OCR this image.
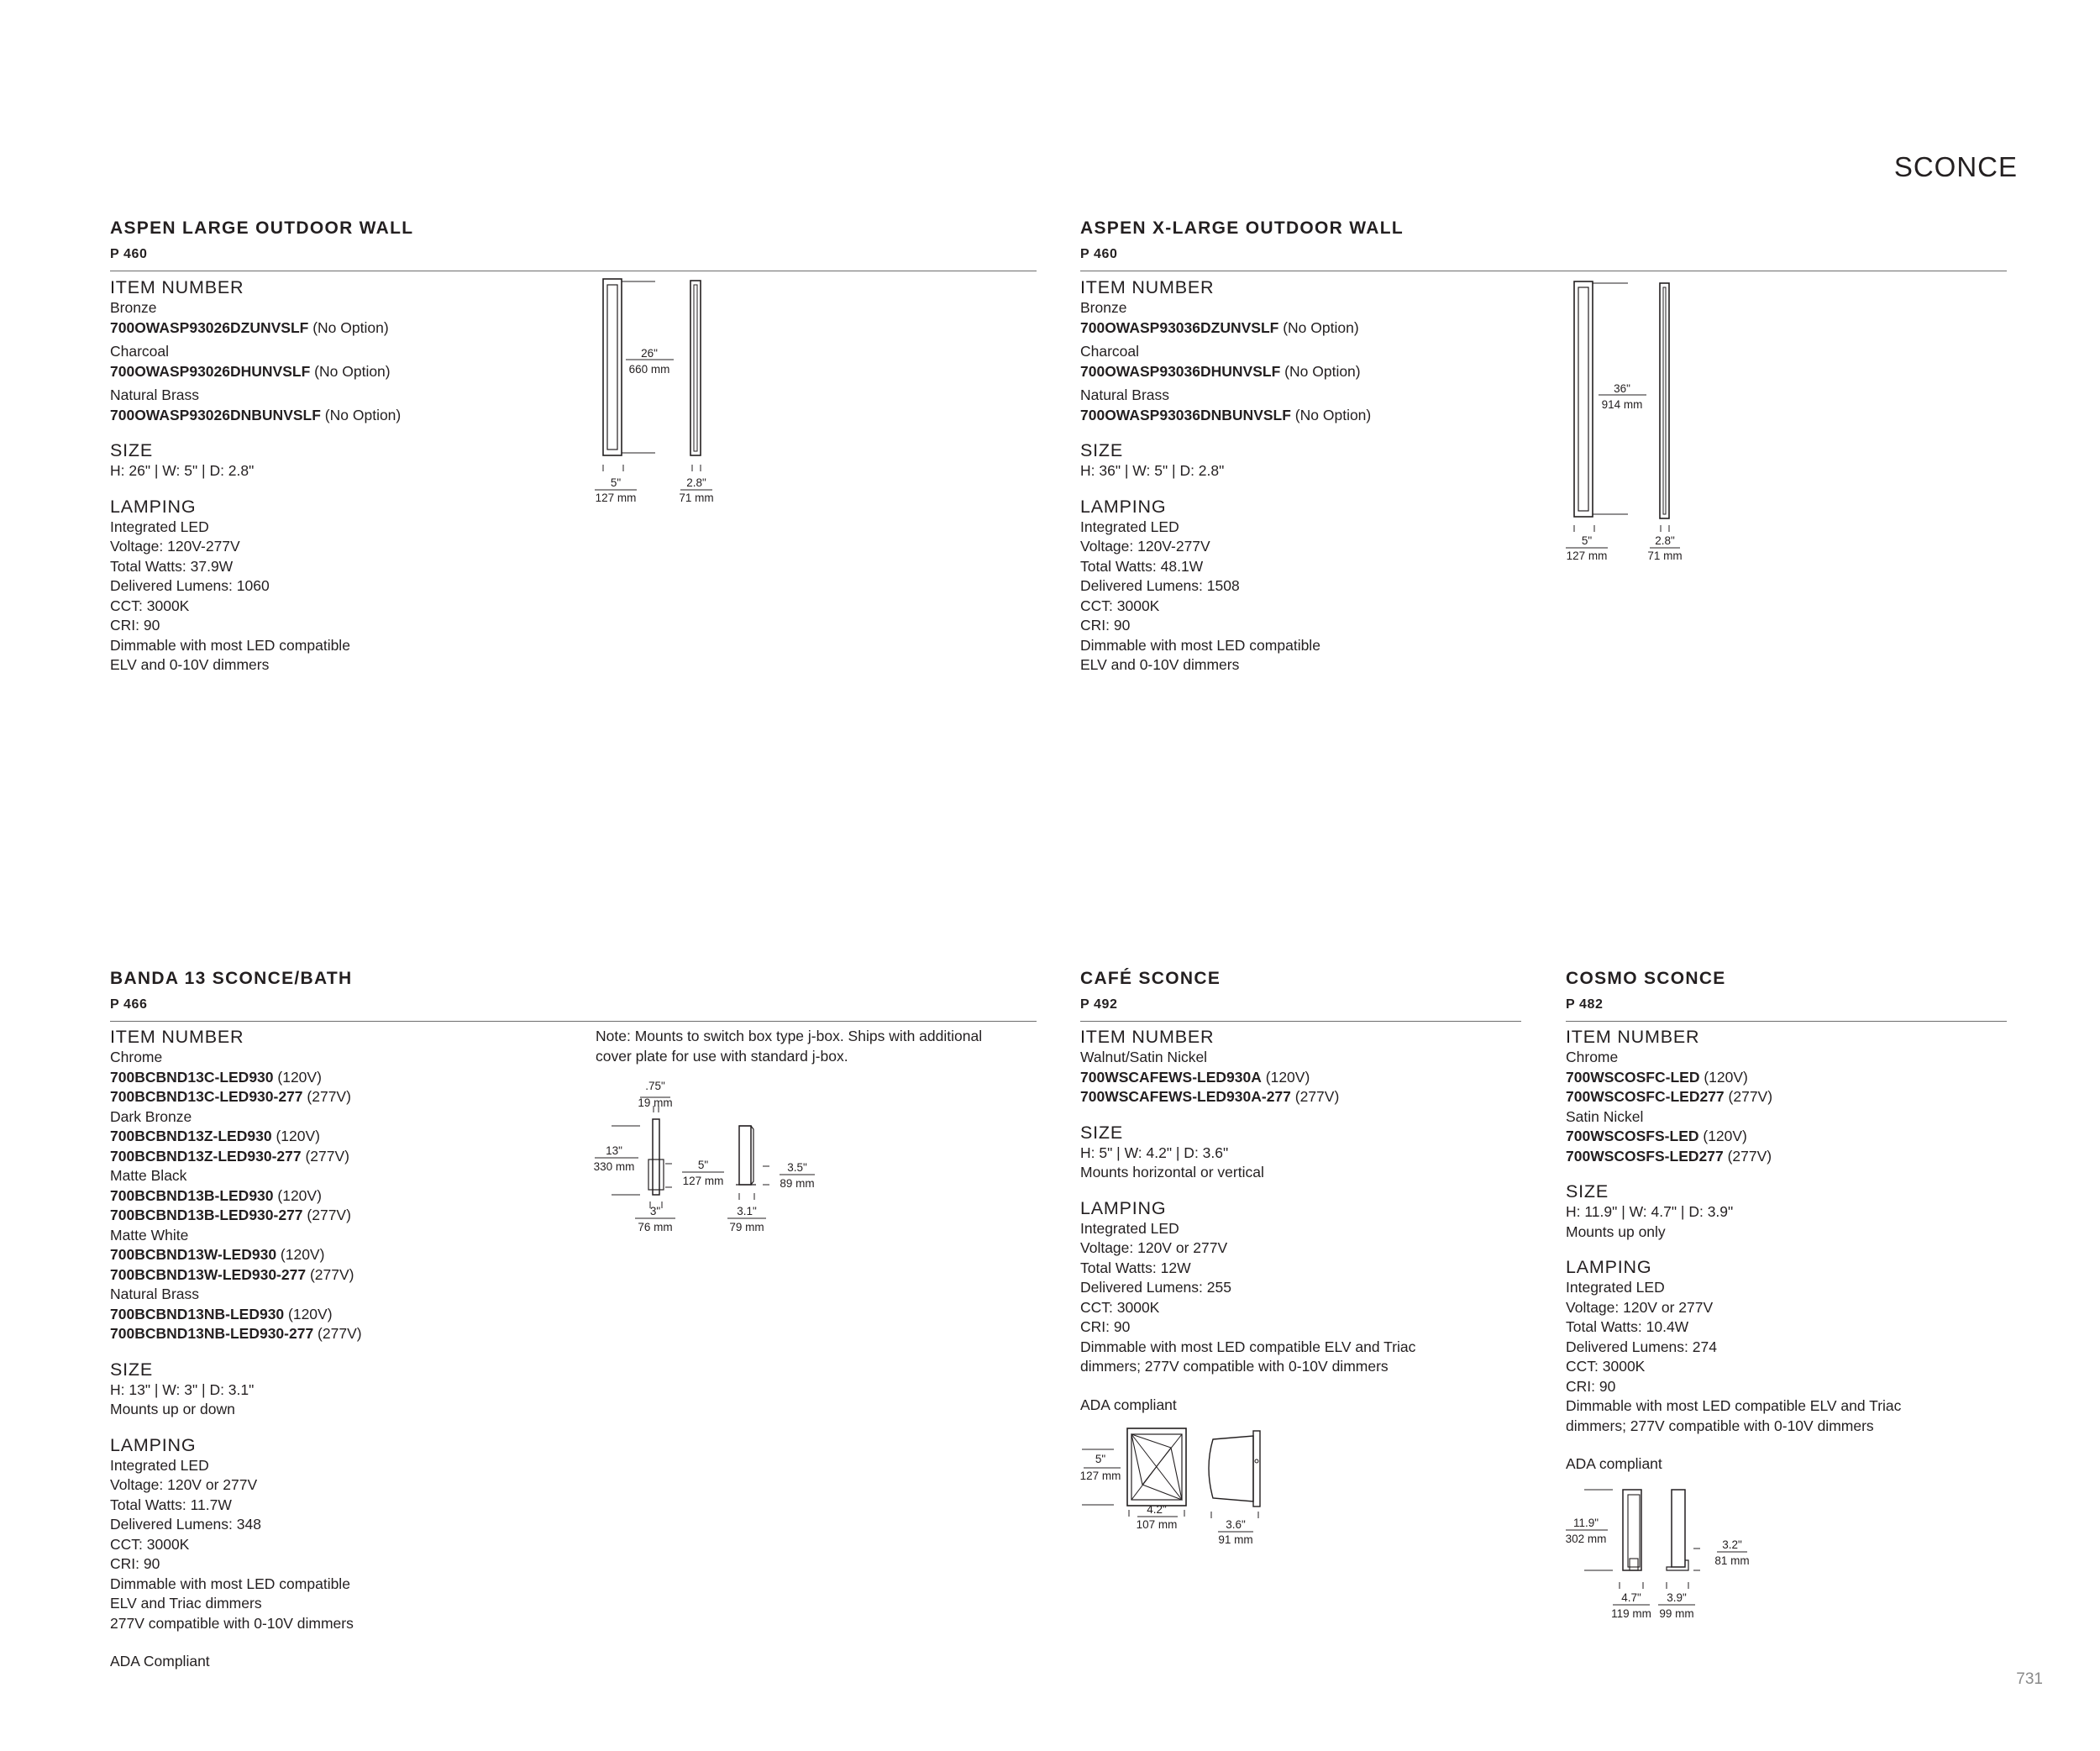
SCONCE
731
ASPEN LARGE OUTDOOR WALL
P 460
ITEM NUMBER
Bronze
700OWASP93026DZUNVSLF (No Option)
Charcoal
700OWASP93026DHUNVSLF (No Option)
Natural Brass
700OWASP93026DNBUNVSLF (No Option)
SIZE
H: 26" | W: 5" | D: 2.8"
LAMPING
Integrated LED
Voltage: 120V-277V
Total Watts: 37.9W
Delivered Lumens: 1060
CCT: 3000K
CRI: 90
Dimmable with most LED compatible
ELV and 0-10V dimmers
26"
660 mm
5"
127 mm
2.8"
71 mm
ASPEN X-LARGE OUTDOOR WALL
P 460
ITEM NUMBER
Bronze
700OWASP93036DZUNVSLF (No Option)
Charcoal
700OWASP93036DHUNVSLF (No Option)
Natural Brass
700OWASP93036DNBUNVSLF (No Option)
SIZE
H: 36" | W: 5" | D: 2.8"
LAMPING
Integrated LED
Voltage: 120V-277V
Total Watts: 48.1W
Delivered Lumens: 1508
CCT: 3000K
CRI: 90
Dimmable with most LED compatible
ELV and 0-10V dimmers
36"
914 mm
5"
127 mm
2.8"
71 mm
BANDA 13 SCONCE/BATH
P 466
ITEM NUMBER
Chrome
700BCBND13C-LED930 (120V)
700BCBND13C-LED930-277 (277V)
Dark Bronze
700BCBND13Z-LED930 (120V)
700BCBND13Z-LED930-277 (277V)
Matte Black
700BCBND13B-LED930 (120V)
700BCBND13B-LED930-277 (277V)
Matte White
700BCBND13W-LED930 (120V)
700BCBND13W-LED930-277 (277V)
Natural Brass
700BCBND13NB-LED930 (120V)
700BCBND13NB-LED930-277 (277V)
SIZE
H: 13" | W: 3" | D: 3.1"
Mounts up or down
LAMPING
Integrated LED
Voltage: 120V or 277V
Total Watts: 11.7W
Delivered Lumens: 348
CCT: 3000K
CRI: 90
Dimmable with most LED compatible
ELV and Triac dimmers
277V compatible with 0-10V dimmers
ADA Compliant
Note: Mounts to switch box type j-box. Ships with additional
cover plate for use with standard j-box.
.75"
19 mm
13"
330 mm	5"
127 mm
3"
76 mm
3.1"
79 mm
3.5"
89 mm
CAFÉ SCONCE
P 492
ITEM NUMBER
Walnut/Satin Nickel
700WSCAFEWS-LED930A (120V)
700WSCAFEWS-LED930A-277 (277V)
SIZE
H: 5" | W: 4.2" | D: 3.6"
Mounts horizontal or vertical
LAMPING
Integrated LED
Voltage: 120V or 277V
Total Watts: 12W
Delivered Lumens: 255
CCT: 3000K
CRI: 90
Dimmable with most LED compatible ELV and Triac
dimmers; 277V compatible with 0-10V dimmers
ADA compliant
5"
127 mm
4.2"
107 mm	3.6"
91 mm
COSMO SCONCE
P 482
ITEM NUMBER
Chrome
700WSCOSFC-LED (120V)
700WSCOSFC-LED277 (277V)
Satin Nickel
700WSCOSFS-LED (120V)
700WSCOSFS-LED277 (277V)
SIZE
H: 11.9" | W: 4.7" | D: 3.9"
Mounts up only
LAMPING
Integrated LED
Voltage: 120V or 277V
Total Watts: 10.4W
Delivered Lumens: 274
CCT: 3000K
CRI: 90
Dimmable with most LED compatible ELV and Triac
dimmers; 277V compatible with 0-10V dimmers
ADA compliant
11.9"
302 mm	3.2"
81 mm
4.7"
119 mm
3.9"
99 mm
